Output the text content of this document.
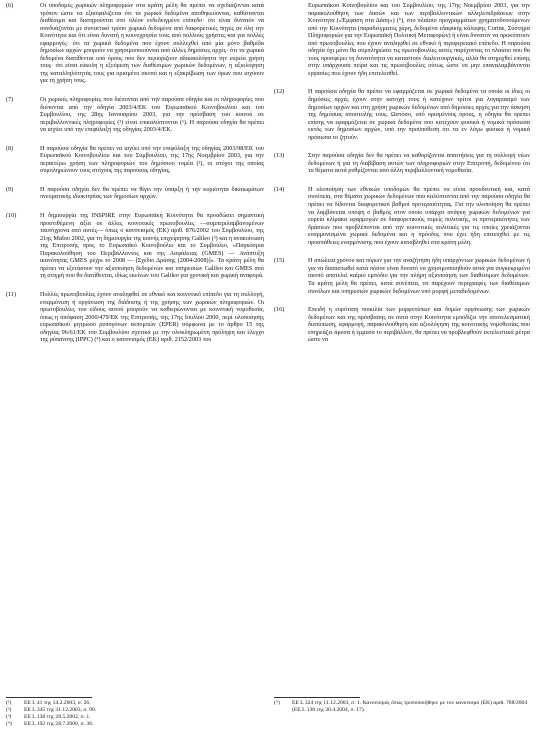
(6)	Οι υποδομές χωρικών πληροφοριών στα κράτη μέλη θα πρέπει να σχεδιάζονται κατά τρόπον ώστε να εξασφαλίζεται ότι τα χωρικά δεδομένα αποθηκεύονται, καθίστανται διαθέσιμα και διατηρούνται στο πλέον ενδεδειγμένο επίπεδο· ότι είναι δυνατόν να συνδυάζονται με συνεκτικό τρόπο χωρικά δεδομένα από διαφορετικές πηγές σε όλη την Κοινότητα και ότι είναι δυνατή η κοινοχρησία τους από πολλούς χρήστες και για πολλές εφαρμογές· ότι τα χωρικά δεδομένα που έχουν συλλεχθεί από μία μόνο βαθμίδα δημοσίων αρχών μπορούν να χρησιμοποιούνται από άλλες δημόσιες αρχές· ότι τα χωρικά δεδομένα διατίθενται υπό όρους που δεν περιορίζουν αδικαιολόγητα την ευρεία χρήση τους· ότι είναι εύκολη η εξεύρεση των διαθέσιμων χωρικών δεδομένων, η αξιολόγηση της καταλληλότητάς τους για ορισμένο σκοπό και η εξακρίβωση των όρων που ισχύουν για τη χρήση τους.
(7)	Οι χωρικές πληροφορίες που διέπονται από την παρούσα οδηγία και οι πληροφορίες που διέπονται από την οδηγία 2003/4/ΕΚ του Ευρωπαϊκού Κοινοβουλίου και του Συμβουλίου, της 28ης Ιανουαρίου 2003, για την πρόσβαση του κοινού σε περιβαλλοντικές πληροφορίες (¹) είναι επικαλύπτονται (¹). Η παρούσα οδηγία θα πρέπει να ισχύει υπό την επιφύλαξη της οδηγίας 2003/4/ΕΚ.
(8)	Η παρούσα οδηγία θα πρέπει να ισχύει υπό την επιφύλαξη της οδηγίας 2003/98/ΕΚ του Ευρωπαϊκού Κοινοβουλίου και του Συμβουλίου, της 17ης Νοεμβρίου 2003, για την περαιτέρω χρήση των πληροφοριών του δημόσιου τομέα (²), οι στόχοι της οποίας συμπληρώνουν τους στόχους της παρούσας οδηγίας.
(9)	Η παρούσα οδηγία δεν θα πρέπει να θίγει την ύπαρξη ή την κυριότητα δικαιωμάτων πνευματικής ιδιοκτησίας των δημοσίων αρχών.
(10)	Η δημιουργία της INSPIRE στην Ευρωπαϊκή Κοινότητα θα προσδώσει σημαντική προστιθέμενη αξία σε άλλες κοινοτικές πρωτοβουλίες —συμπεριλαμβανομένων ταυτόχρονα από αυτές— όπως ο κανονισμός (ΕΚ) αριθ. 876/2002 του Συμβουλίου, της 21ης Μαΐου 2002, για τη δημιουργία της κοινής επιχείρησης Galileo (³) και η ανακοίνωση της Επιτροπής προς το Ευρωπαϊκό Κοινοβούλιο και το Συμβούλιο, «Παγκόσμια Παρακολούθηση του Περιβάλλοντος και της Ασφάλειας (GMES) — Ανάπτυξη ικανότητας GMES μέχρι το 2008 — [Σχέδιο Δράσης (2004-2008)]». Τα κράτη μέλη θα πρέπει να εξετάσουν την αξιοποίηση δεδομένων και υπηρεσιών Galileo και GMES από τη στιγμή που θα διατίθενται, ιδίως εκείνων του Galileo για χρονική και χωρική αναφορά.
(11)	Πολλές πρωτοβουλίες έχουν αναληφθεί σε εθνικό και κοινοτικό επίπεδο για τη συλλογή, εναρμόνιση ή οργάνωση της διάδοσης ή της χρήσης των χωρικών πληροφοριών. Οι πρωτοβουλίες του είδους αυτού μπορούν να καθιερώνονται με κοινοτική νομοθεσία, όπως η απόφαση 2000/479/ΕΚ της Επιτροπής, της 17ης Ιουλίου 2000, περί υλοποίησης ευρωπαϊκού μητρώου ρυπογόνων εκπομπών (EPER) σύμφωνα με το άρθρο 15 της οδηγίας 96/61/ΕΚ του Συμβουλίου σχετικά με την ολοκληρωμένη πρόληψη και έλεγχο της ρύπανσης (IPPC) (⁴) και ο κανονισμός (ΕΚ) αριθ. 2152/2003 του
Ευρωπαϊκού Κοινοβουλίου και του Συμβουλίου, της 17ης Νοεμβρίου 2003, για την παρακολούθηση των δασών και των περιβαλλοντικών αλληλεπιδράσεων στην Κοινότητα («Έμφαση στα Δάση») (⁵), στο πλαίσιο προγραμμάτων χρηματοδοτούμενων από την Κοινότητα (παραδείγματος χάρη, δεδομένα εδαφικής κάλυψης Corine, Σύστημα Πληροφοριών για την Ευρωπαϊκή Πολιτική Μεταφορών) ή είναι δυνατόν να προκύπτουν από πρωτοβουλίες που έχουν αναληφθεί σε εθνικό ή περιφερειακό επίπεδο. Η παρούσα οδηγία όχι μόνο θα συμπληρώσει τις πρωτοβουλίες αυτές παρέχοντας το πλαίσιο που θα τους προσφέρει τη δυνατότητα να καταστούν διαλειτουργικές, αλλά θα στηριχθεί επίσης στην υπάρχουσα πείρα και τις πρωτοβουλίες ούτως ώστε να μην επαναλαμβάνονται εργασίες που έχουν ήδη επιτελεσθεί.
(12)	Η παρούσα οδηγία θα πρέπει να εφαρμόζεται σε χωρικά δεδομένα τα οποία οι ίδιες οι δημόσιες αρχές έχουν στην κατοχή τους ή κατέχουν τρίτοι για λογαριασμό των δημοσίων αρχών και στη χρήση χωρικών δεδομένων από δημόσιες αρχές για την άσκηση της δημόσιας αποστολής τους. Ωστόσο, υπό ορισμένους όρους, η οδηγία θα πρέπει επίσης να εφαρμόζεται σε χωρικά δεδομένα που κατέχουν φυσικά ή νομικά πρόσωπα εκτός των δημοσίων αρχών, υπό την προϋπόθεση ότι τα εν λόγω φυσικά ή νομικά πρόσωπα το ζητούν.
(13)	Στην παρούσα οδηγία δεν θα πρέπει να καθορίζονται απαιτήσεις για τη συλλογή νέων δεδομένων ή για τη διαβίβαση αυτών των πληροφοριών στην Επιτροπή, δεδομένου ότι τα θέματα αυτά ρυθμίζονται από άλλη περιβαλλοντική νομοθεσία.
(14)	Η υλοποίηση των εθνικών υποδομών θα πρέπει να είναι προοδευτική και, κατά συνέπεια, στα θέματα χωρικών δεδομένων που καλύπτονται από την παρούσα οδηγία θα πρέπει να δίδονται διαφορετικοί βαθμοί προτεραιότητας. Για την υλοποίηση θα πρέπει να λαμβάνεται υπόψη ο βαθμός στον οποίο υπάρχει ανάγκη χωρικών δεδομένων για ευρεία κλίμακα εφαρμογών σε διαφορετικούς τομείς πολιτικής, οι προτεραιότητες των δράσεων που προβλέπονται από την κοινοτικές πολιτικές για τις οποίες χρειάζονται εναρμονισμένα χωρικά δεδομένα και η πρόοδος που έχει ήδη επιτευχθεί με τις προσπάθειες εναρμόνισης που έχουν καταβληθεί στα κράτη μέλη.
(15)	Η απώλεια χρόνου και πόρων για την αναζήτηση ήδη υπαρχόντων χωρικών δεδομένων ή για να διαπιστωθεί κατά πόσον είναι δυνατό να χρησιμοποιηθούν αυτά για συγκεκριμένο σκοπό αποτελεί καίριο εμπόδιο για την πλήρη αξιοποίηση των διαθέσιμων δεδομένων. Τα κράτη μέλη θα πρέπει, κατά συνέπεια, να παρέχουν περιγραφές των διαθέσιμων συνόλων και υπηρεσιών χωρικών δεδομένων υπό μορφή μεταδεδομένων.
(16)	Επειδή η ευρύτατη ποικιλία των μορφοτύπων και δομών οργάνωσης των χωρικών δεδομένων και της πρόσβασης σε αυτά στην Κοινότητα εμποδίζει την αποτελεσματική διατύπωση, εφαρμογή, παρακολούθηση και αξιολόγηση της κοινοτικής νομοθεσίας που επηρεάζει άμεσα ή έμμεσα το περιβάλλον, θα πρέπει να προβλεφθούν εκτελεστικά μέτρα ώστε να
(¹) ΕΕ L 41 της 14.2.2003, σ. 26.
(²) ΕΕ L 345 της 31.12.2003, σ. 90.
(³) ΕΕ L 138 της 28.5.2002, σ. 1.
(⁴) ΕΕ L 192 της 28.7.2000, σ. 36.
(⁵) ΕΕ L 324 της 11.12.2003, σ. 1. Κανονισμός όπως τροποποιήθηκε με τον κανονισμό (ΕΚ) αριθ. 788/2004 (ΕΕ L 138 της 30.4.2004, σ. 17).
